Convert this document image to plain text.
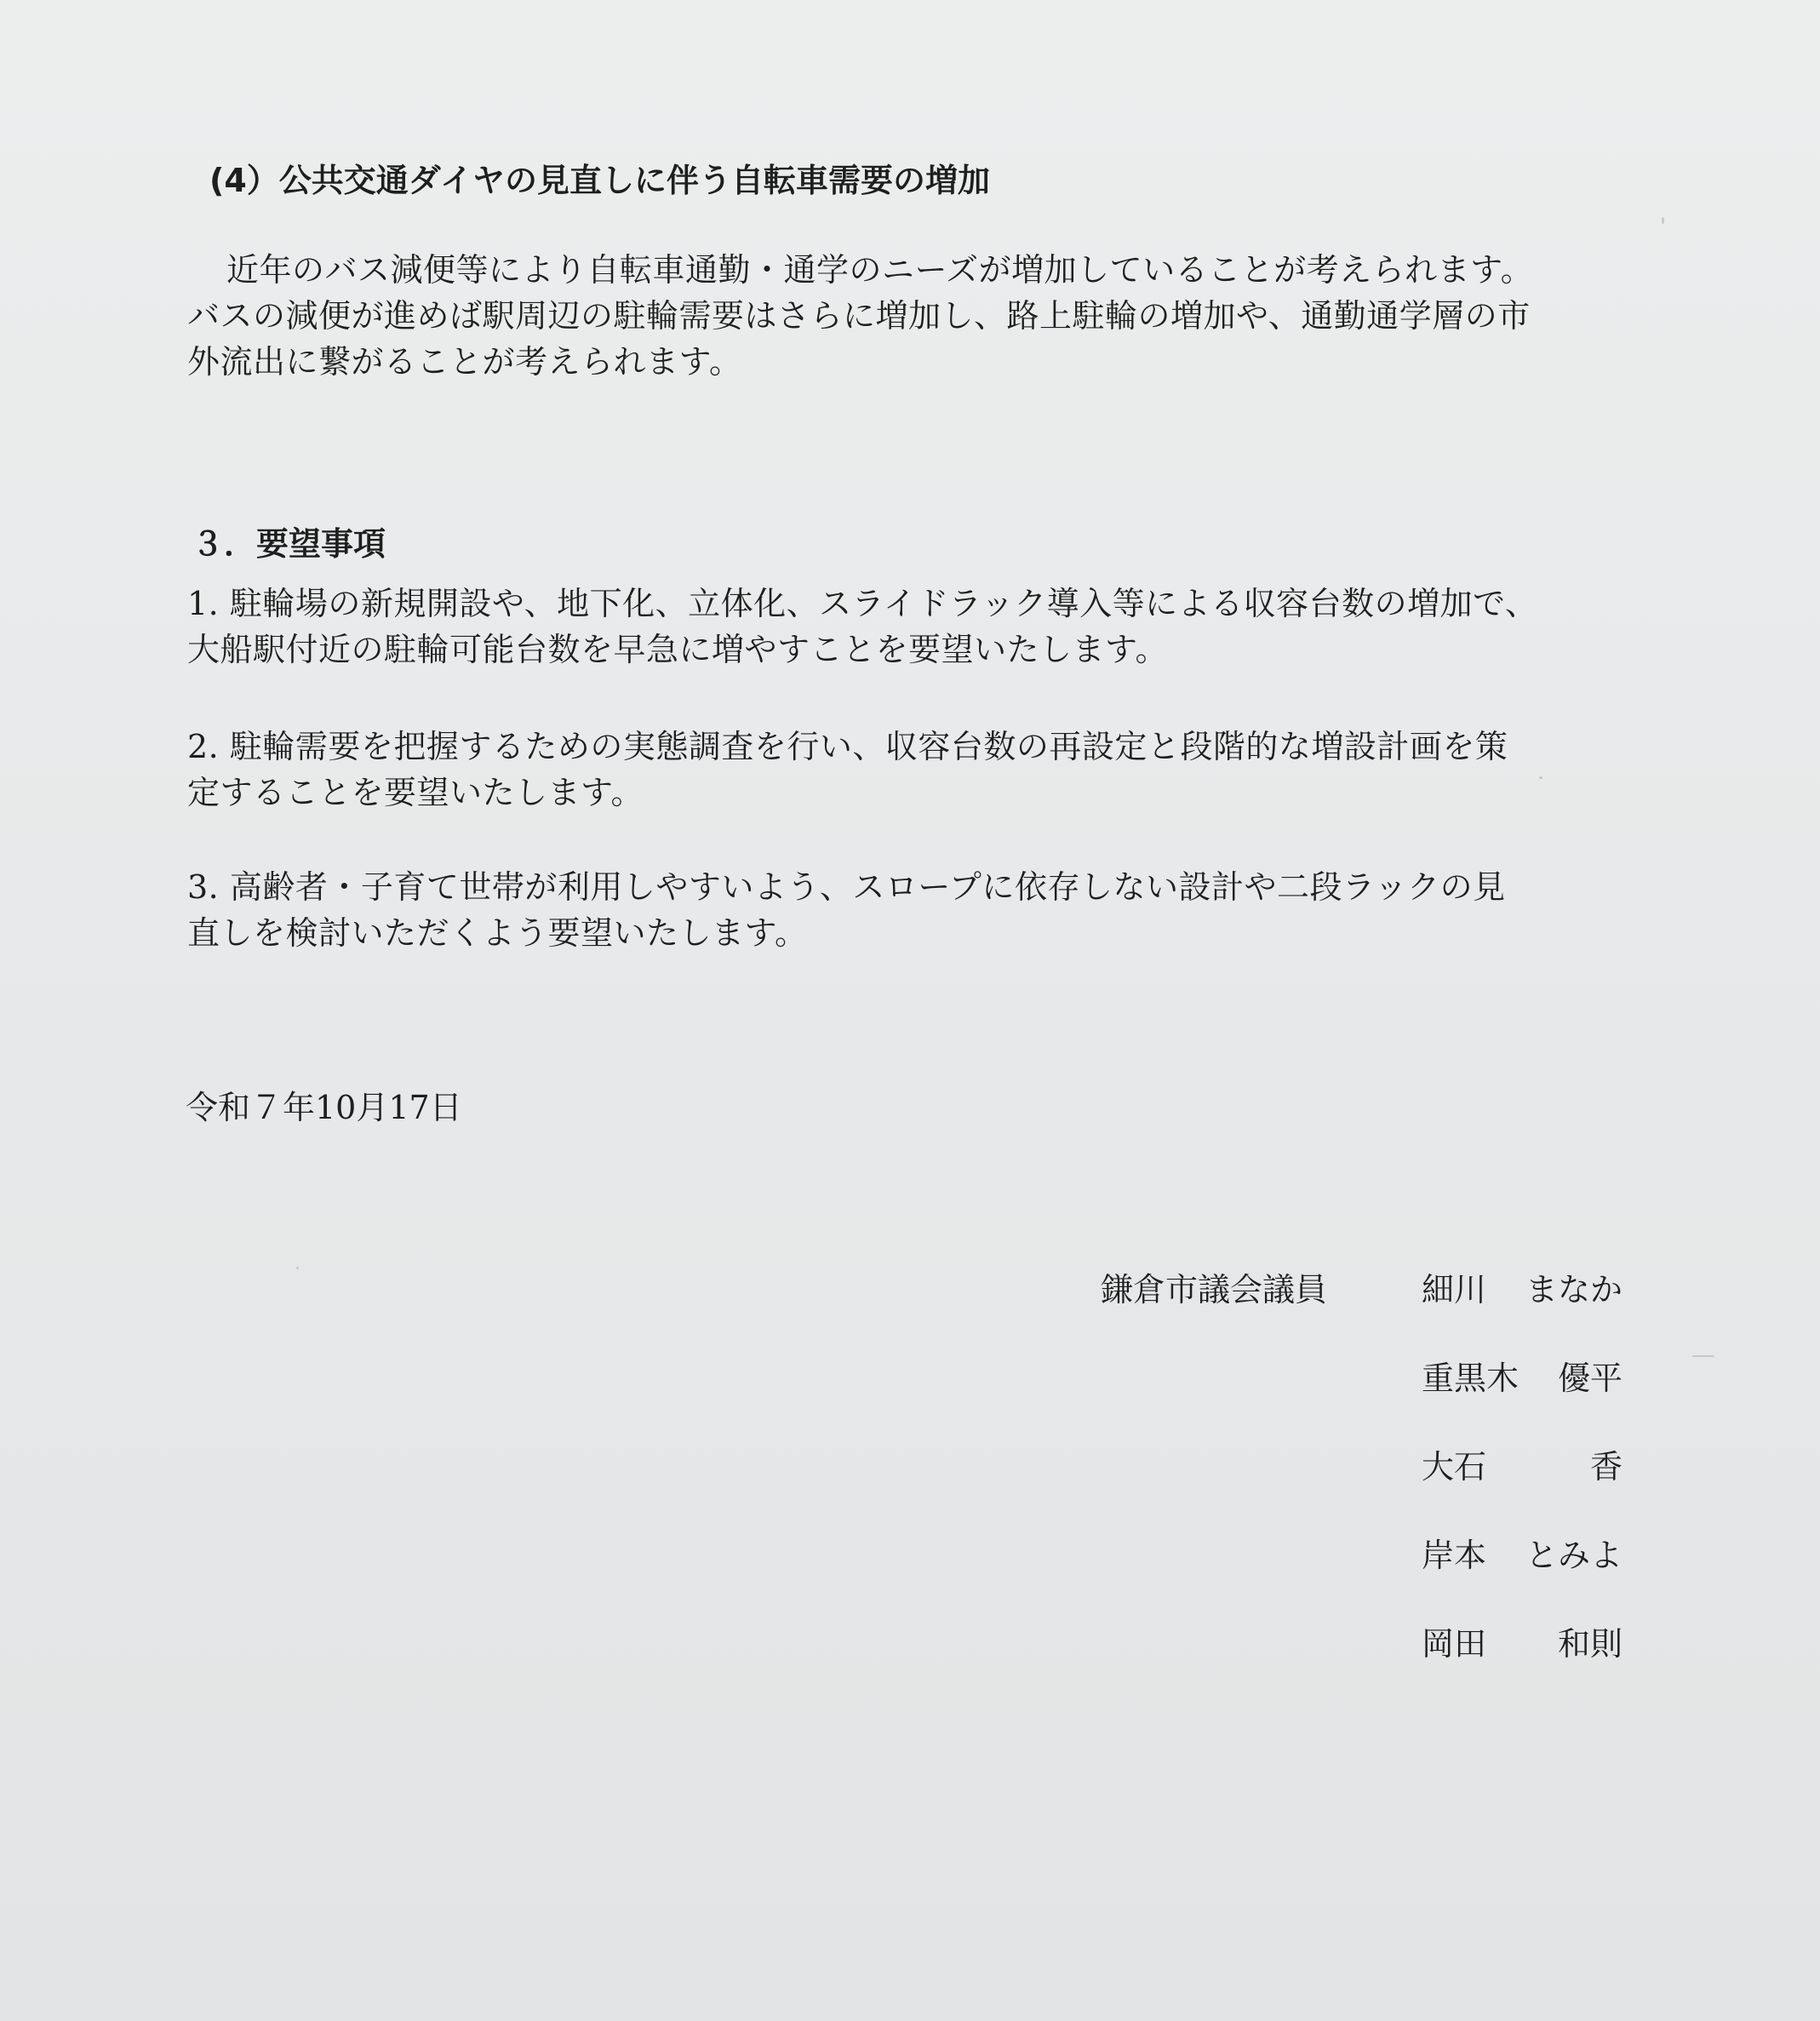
(4）公共交通ダイヤの見直しに伴う自転車需要の増加
近年のバス減便等により自転車通勤・通学のニーズが増加していることが考えられます。
バスの減便が進めば駅周辺の駐輪需要はさらに増加し、路上駐輪の増加や、通勤通学層の市
外流出に繋がることが考えられます。
３．要望事項
1. 駐輪場の新規開設や、地下化、立体化、スライドラック導入等による収容台数の増加で、
大船駅付近の駐輪可能台数を早急に増やすことを要望いたします。
2. 駐輪需要を把握するための実態調査を行い、収容台数の再設定と段階的な増設計画を策
定することを要望いたします。
3. 高齢者・子育て世帯が利用しやすいよう、スロープに依存しない設計や二段ラックの見
直しを検討いただくよう要望いたします。
令和７年10月17日
鎌倉市議会議員	細川 まなか
重黒木 優平
大石	香
岸本 とみよ
岡田 和則
